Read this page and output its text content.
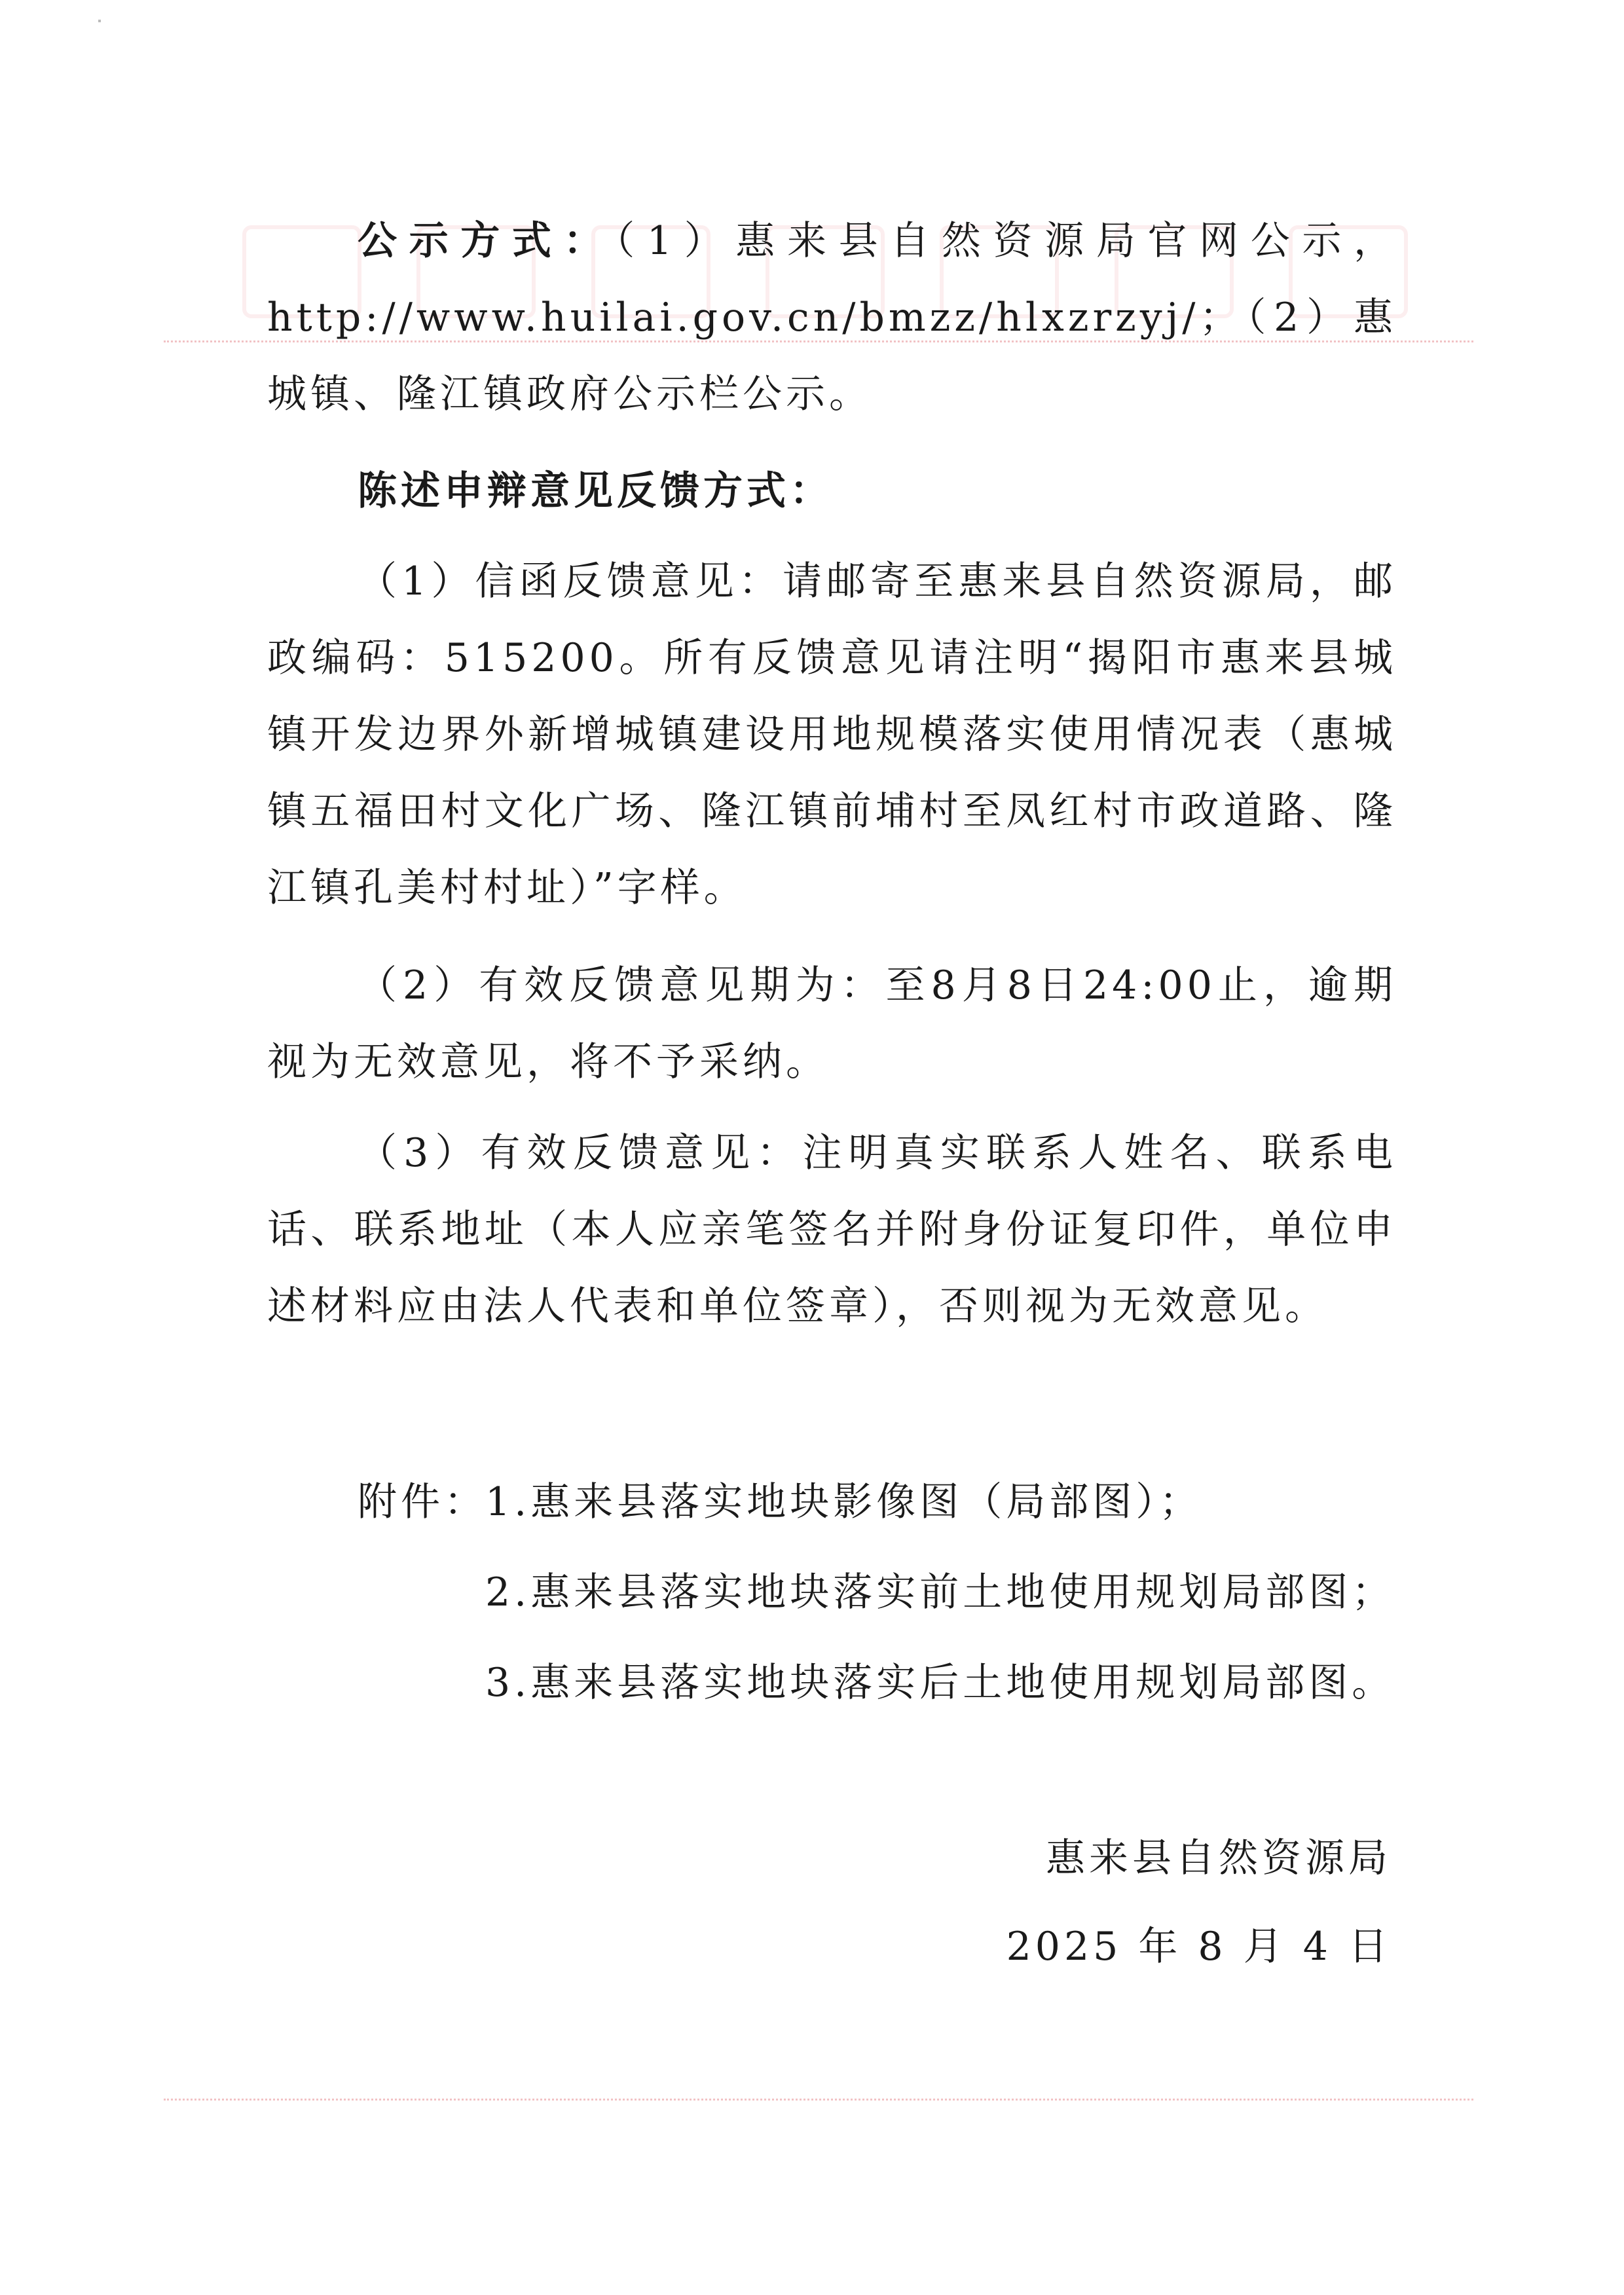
公示方式：（1）惠来县自然资源局官网公示，http://www.huilai.gov.cn/bmzz/hlxzrzyj/；（2）惠城镇、隆江镇政府公示栏公示。

陈述申辩意见反馈方式：

（1）信函反馈意见：请邮寄至惠来县自然资源局，邮政编码：515200。所有反馈意见请注明“揭阳市惠来县城镇开发边界外新增城镇建设用地规模落实使用情况表（惠城镇五福田村文化广场、隆江镇前埔村至凤红村市政道路、隆江镇孔美村村址）”字样。

（2）有效反馈意见期为：至8月8日24:00止，逾期视为无效意见，将不予采纳。

（3）有效反馈意见：注明真实联系人姓名、联系电话、联系地址（本人应亲笔签名并附身份证复印件，单位申述材料应由法人代表和单位签章），否则视为无效意见。

附件：
1.惠来县落实地块影像图（局部图）；
2.惠来县落实地块落实前土地使用规划局部图；
3.惠来县落实地块落实后土地使用规划局部图。
惠来县自然资源局
2025 年 8 月 4 日
